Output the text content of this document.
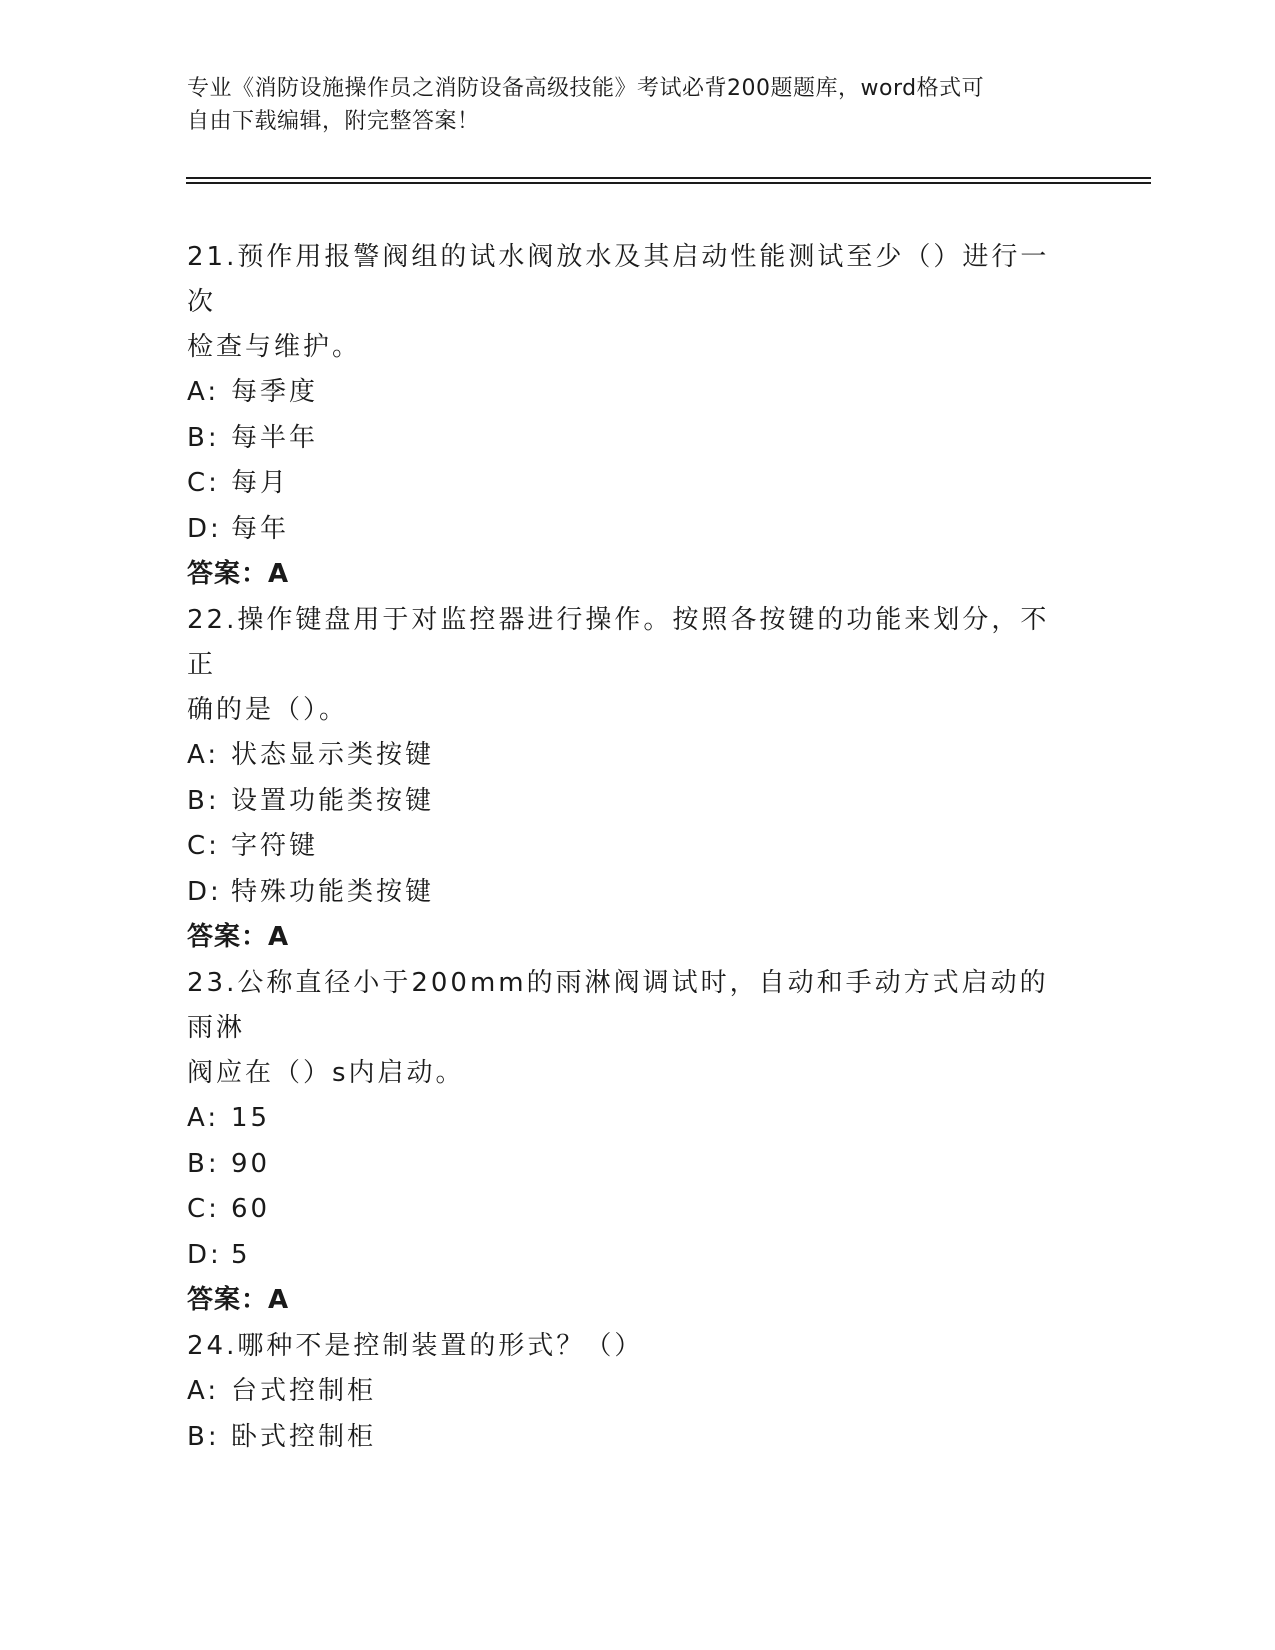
专业《消防设施操作员之消防设备高级技能》考试必背200题题库，word格式可
自由下载编辑，附完整答案！
21.预作用报警阀组的试水阀放水及其启动性能测试至少（）进行一次
检查与维护。
A: 每季度
B: 每半年
C: 每月
D: 每年
答案：A
22.操作键盘用于对监控器进行操作。按照各按键的功能来划分，不正
确的是（）。
A: 状态显示类按键
B: 设置功能类按键
C: 字符键
D: 特殊功能类按键
答案：A
23.公称直径小于200mm的雨淋阀调试时，自动和手动方式启动的雨淋
阀应在（）s内启动。
A: 15
B: 90
C: 60
D: 5
答案：A
24.哪种不是控制装置的形式？（）
A: 台式控制柜
B: 卧式控制柜
